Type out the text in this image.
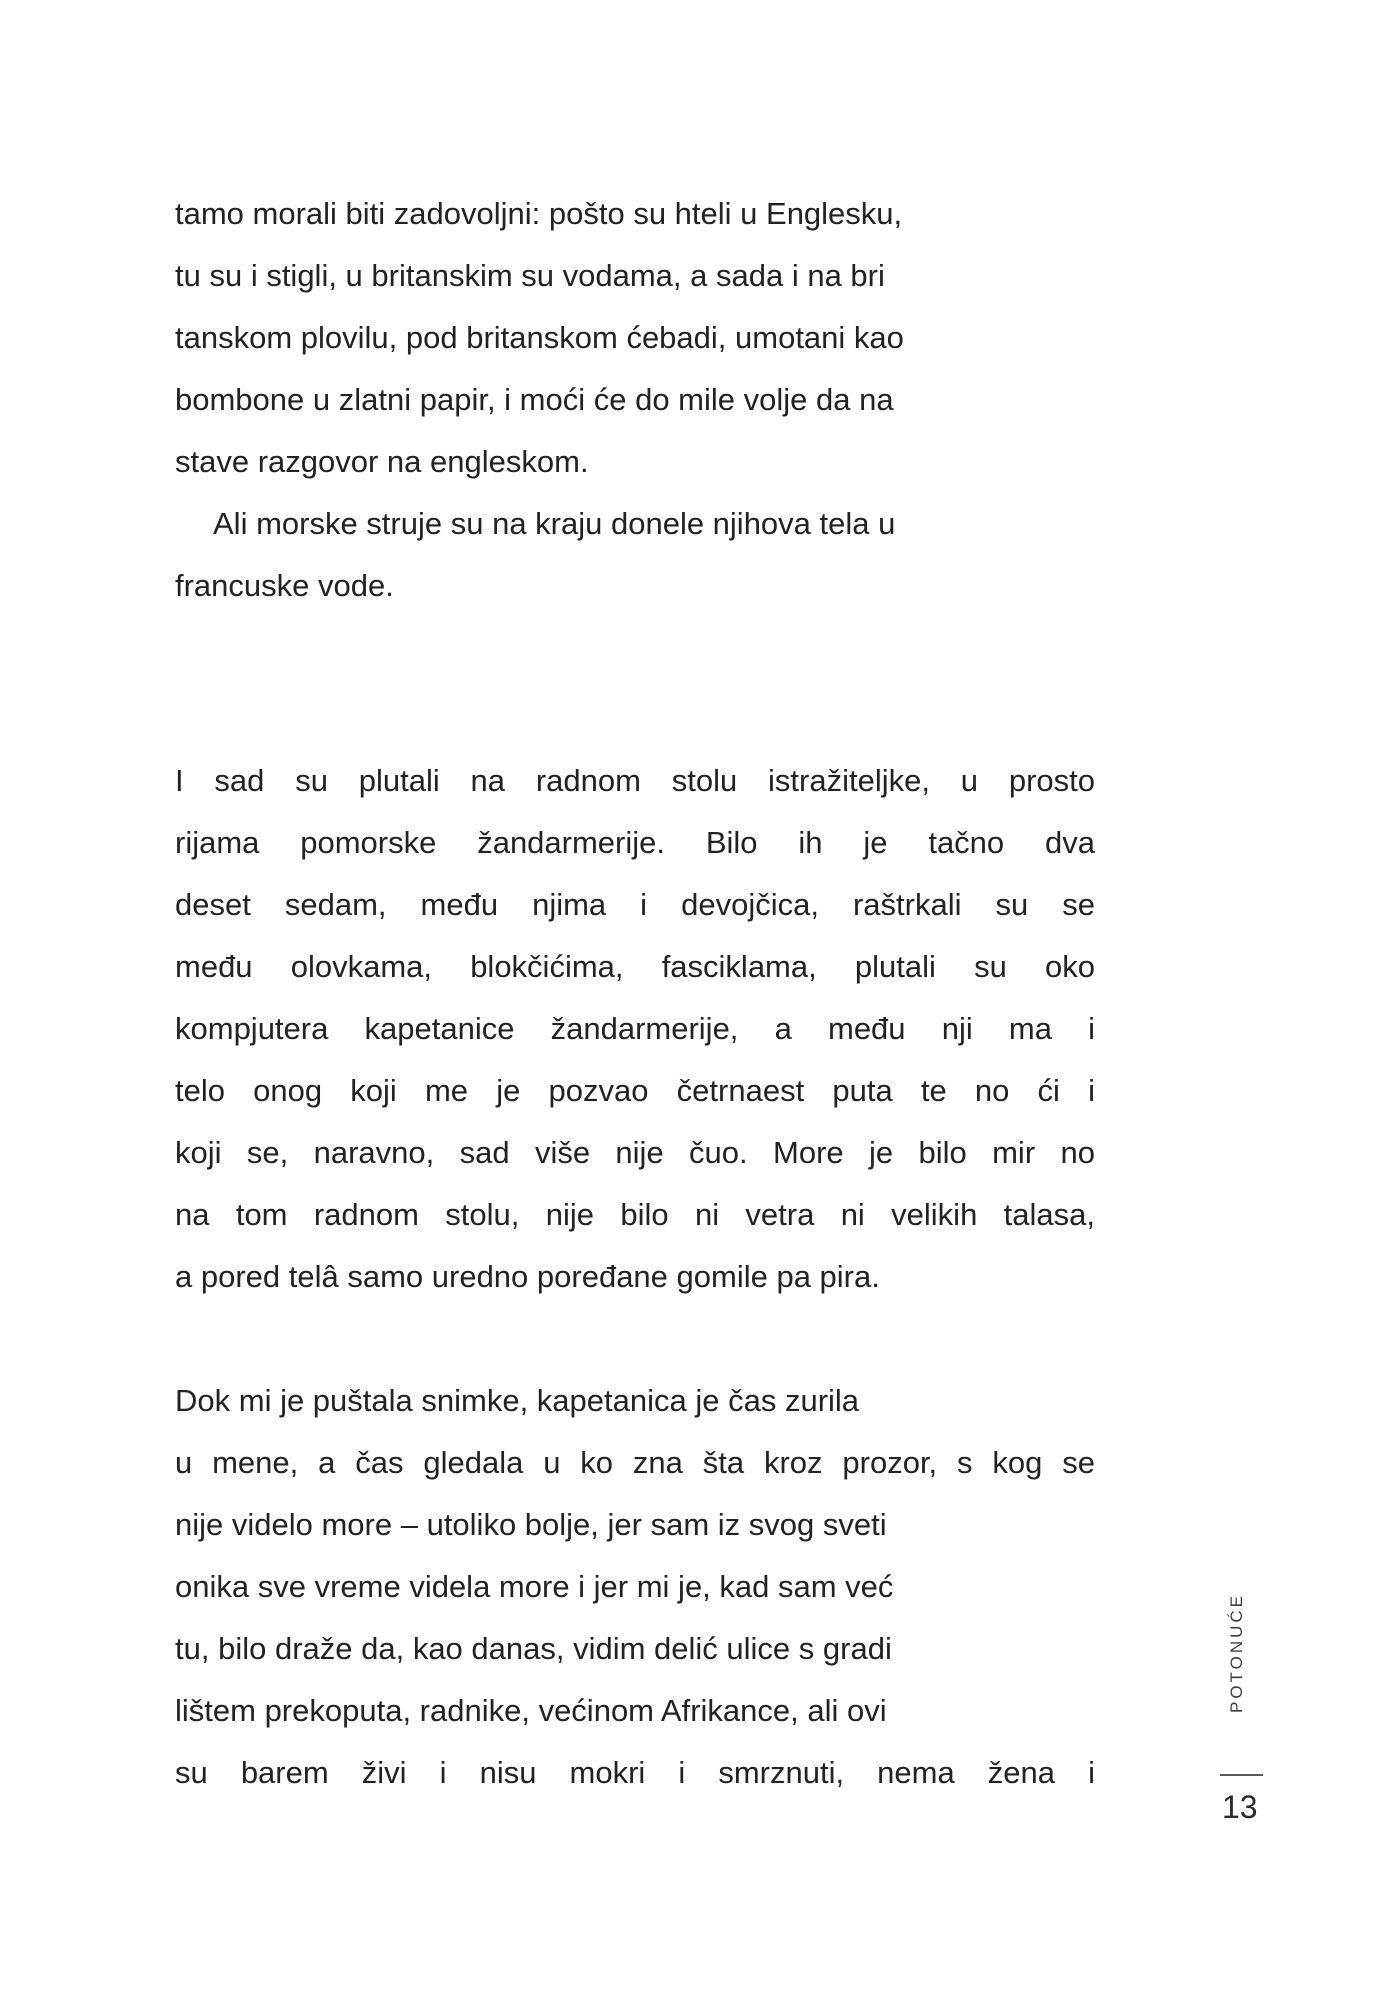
tamo morali biti zadovoljni: pošto su hteli u Englesku,
tu su i stigli, u britanskim su vodama, a sada i na bri
tanskom plovilu, pod britanskom ćebadi, umotani kao
bombone u zlatni papir, i moći će do mile volje da na
stave razgovor na engleskom.
Ali morske struje su na kraju donele njihova tela u
francuske vode.
I sad su plutali na radnom stolu istražiteljke, u prosto
rijama pomorske žandarmerije. Bilo ih je tačno dva
deset sedam, među njima i devojčica, raštrkali su se
među olovkama, blokčićima, fasciklama, plutali su oko
kompjutera kapetanice žandarmerije, a među nji ma i
telo onog koji me je pozvao četrnaest puta te no ći i
koji se, naravno, sad više nije čuo. More je bilo mir no
na tom radnom stolu, nije bilo ni vetra ni velikih talasa,
a pored telâ samo uredno poređane gomile pa pira.
Dok mi je puštala snimke, kapetanica je čas zurila
u mene, a čas gledala u ko zna šta kroz prozor, s kog se
nije videlo more – utoliko bolje, jer sam iz svog sveti
onika sve vreme videla more i jer mi je, kad sam već
tu, bilo draže da, kao danas, vidim delić ulice s gradi
lištem prekoputa, radnike, većinom Afrikance, ali ovi
su barem živi i nisu mokri i smrznuti, nema žena i
POTONUĆE
13
